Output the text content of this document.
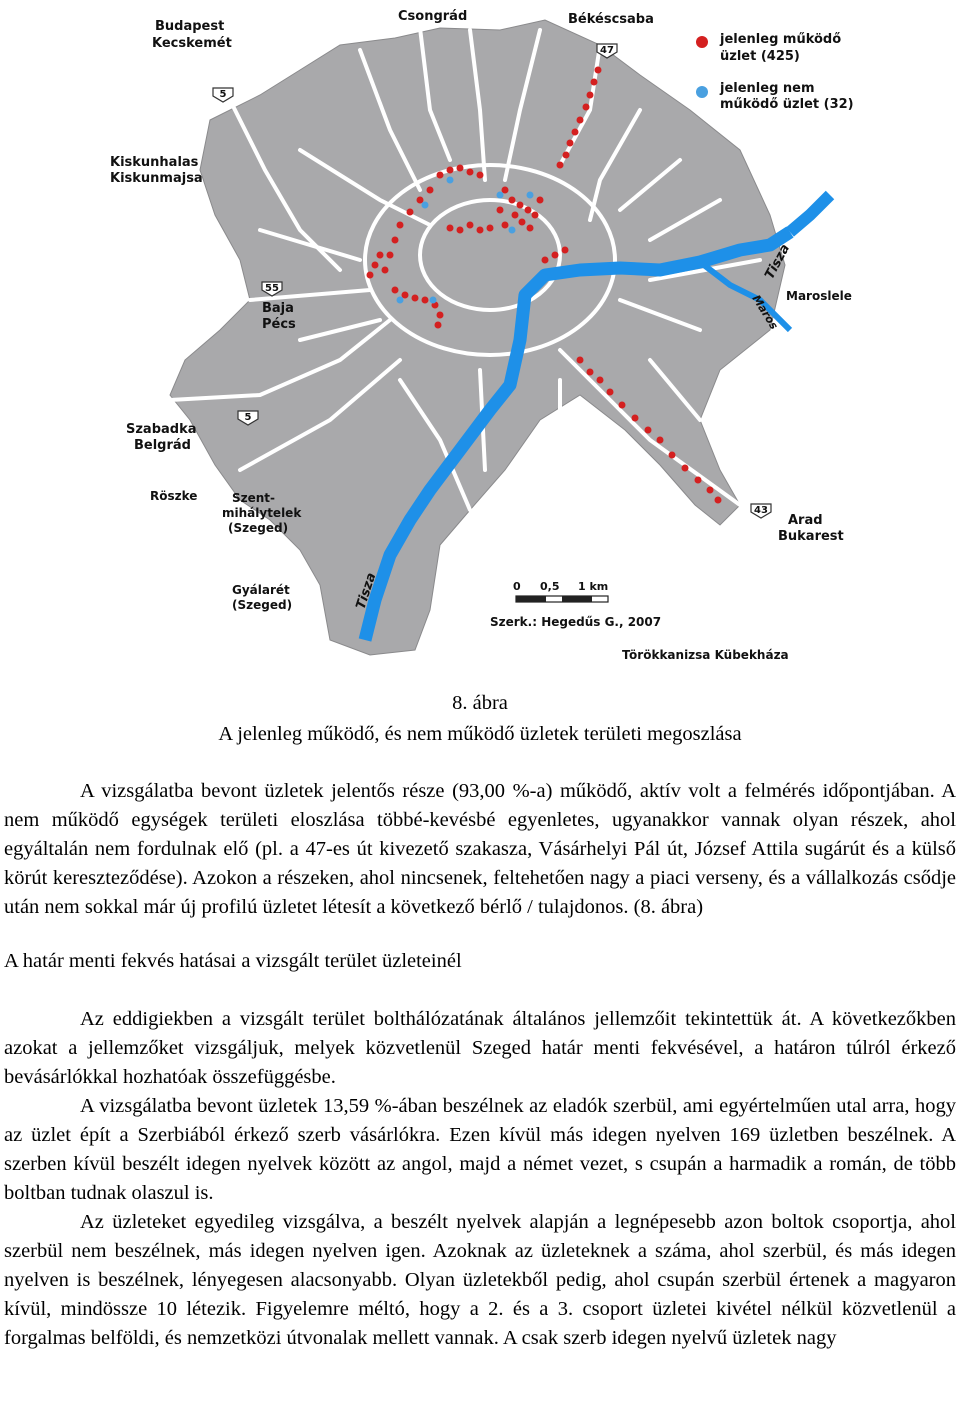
jelenleg működő
üzlet (425)
jelenleg nem
működő üzlet (32)
Budapest
Kecskemét
Csongrád	Békéscsaba
Kiskunhalas
Kiskunmajsa
Baja
Pécs
Szabadka
Belgrád
Röszke	Szent-
mihálytelek
(Szeged)
Gyálarét
(Szeged)
Maroslele
Arad
Bukarest
Törökkanizsa Kübekháza
Szerk.: Hegedűs G., 2007
Tisza
Maros
Tisza
5
47
55
5
43
0 0,5 1 km
8. ábra
A jelenleg működő, és nem működő üzletek területi megoszlása

A vizsgálatba bevont üzletek jelentős része (93,00 %-a) működő, aktív volt a felmérés időpontjában. A nem működő egységek területi eloszlása többé-kevésbé egyenletes, ugyanakkor vannak olyan részek, ahol egyáltalán nem fordulnak elő (pl. a 47-es út kivezető szakasza, Vásárhelyi Pál út, József Attila sugárút és a külső körút kereszteződése). Azokon a részeken, ahol nincsenek, feltehetően nagy a piaci verseny, és a vállalkozás csődje után nem sokkal már új profilú üzletet létesít a következő bérlő / tulajdonos. (8. ábra)

A határ menti fekvés hatásai a vizsgált terület üzleteinél

Az eddigiekben a vizsgált terület bolthálózatának általános jellemzőit tekintettük át. A következőkben azokat a jellemzőket vizsgáljuk, melyek közvetlenül Szeged határ menti fekvésével, a határon túlról érkező bevásárlókkal hozhatóak összefüggésbe.

A vizsgálatba bevont üzletek 13,59 %-ában beszélnek az eladók szerbül, ami egyértelműen utal arra, hogy az üzlet épít a Szerbiából érkező szerb vásárlókra. Ezen kívül más idegen nyelven 169 üzletben beszélnek. A szerben kívül beszélt idegen nyelvek között az angol, majd a német vezet, s csupán a harmadik a román, de több boltban tudnak olaszul is.

Az üzleteket egyedileg vizsgálva, a beszélt nyelvek alapján a legnépesebb azon boltok csoportja, ahol szerbül nem beszélnek, más idegen nyelven igen. Azoknak az üzleteknek a száma, ahol szerbül, és más idegen nyelven is beszélnek, lényegesen alacsonyabb. Olyan üzletekből pedig, ahol csupán szerbül értenek a magyaron kívül, mindössze 10 létezik. Figyelemre méltó, hogy a 2. és a 3. csoport üzletei kivétel nélkül közvetlenül a forgalmas belföldi, és nemzetközi útvonalak mellett vannak. A csak szerb idegen nyelvű üzletek nagy
